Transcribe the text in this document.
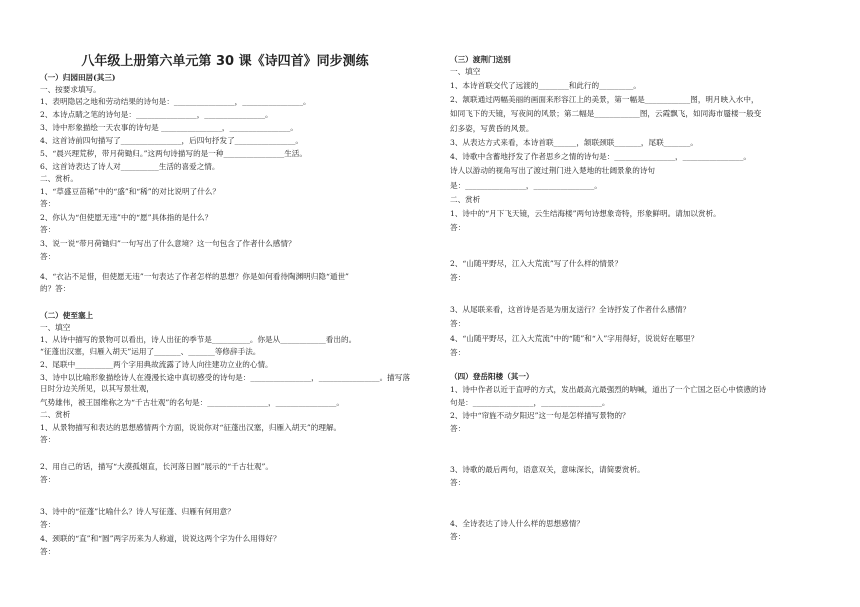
八年级上册第六单元第 30 课《诗四首》同步测练
（一）归园田居(其三)
一、按要求填写。
1、表明隐居之地和劳动结果的诗句是：________________，________________。
2、本诗点睛之笔的诗句是：________________，________________。
3、诗中形象描绘一天农事的诗句是 ________________，________________。
4、这首诗前四句描写了________________，后四句抒发了________________。
5、“晨兴理荒秽，带月荷锄归。”这两句诗描写的是一种________________生活。
6、这首诗表达了诗人对__________生活的喜爱之情。
二、赏析。
1、“草盛豆苗稀”中的“盛”和“稀”的对比说明了什么？
答：
2、你认为“但使愿无违”中的“愿”具体指的是什么？
答：
3、说一说“带月荷锄归”一句写出了什么意境？这一句包含了作者什么感情？
答：
4、“衣沾不足惜，但使愿无违”一句表达了作者怎样的思想？你是如何看待陶渊明归隐“遁世”
的？答：
（二）使至塞上
一、填空
1、从诗中描写的景物可以看出，诗人出征的季节是__________。你是从____________看出的。
“征蓬出汉塞，归雁入胡天”运用了_______、_______等修辞手法。
2、尾联中__________两个字用典故流露了诗人向往建功立业的心情。
3、诗中以比喻形象描绘诗人在漫漫长途中真切感受的诗句是：________________，________________。描写落日时分边关所见，以其写景壮观，
气势雄伟，被王国维称之为“千古壮观”的名句是：________________，________________。
二、赏析
1、从景物描写和表达的思想感情两个方面，说说你对“征蓬出汉塞，归雁入胡天”的理解。
答：
2、用自己的话，描写“大漠孤烟直，长河落日圆”展示的“千古壮观”。
答：
3、诗中的“征蓬”比喻什么？诗人写征蓬、归雁有何用意？
答：
4、颈联的“直”和“圆”两字历来为人称道，说说这两个字为什么用得好？
答：
（三）渡荆门送别
一、填空
1、本诗首联交代了远渡的________和此行的_________。
2、颔联通过两幅美丽的画面来形容江上的美景，第一幅是____________图，明月映入水中，
如同飞下的天镜，写夜间的风景；第二幅是____________图，云霞飘飞，如同海市蜃楼一般变
幻多姿，写黄昏的风景。
3、从表达方式来看，本诗首联______，颔联颈联_______，尾联_______。
4、诗歌中含蓄地抒发了作者思乡之情的诗句是：________________，________________。
诗人以游动的视角写出了渡过荆门进入楚地的壮阔景象的诗句
是：________________，________________。
二、赏析
1、诗中的“月下飞天镜，云生结海楼”两句诗想象奇特，形象鲜明。请加以赏析。
答：
2、“山随平野尽，江入大荒流”写了什么样的情景？
答：
3、从尾联来看，这首诗是否是为朋友送行？全诗抒发了作者什么感情？
答：
4、“山随平野尽，江入大荒流”中的“随”和“入”字用得好，说说好在哪里？
答：
（四）登岳阳楼（其一）
1、诗中作者以近于直呼的方式，发出最高亢最强烈的呐喊，道出了一个亡国之臣心中愤懑的诗
句是：________________，________________。
2、诗中“帘旌不动夕阳迟”这一句是怎样描写景物的？
答：
3、诗歌的最后两句，语意双关，意味深长，请简要赏析。
答：
4、全诗表达了诗人什么样的思想感情？
答：
